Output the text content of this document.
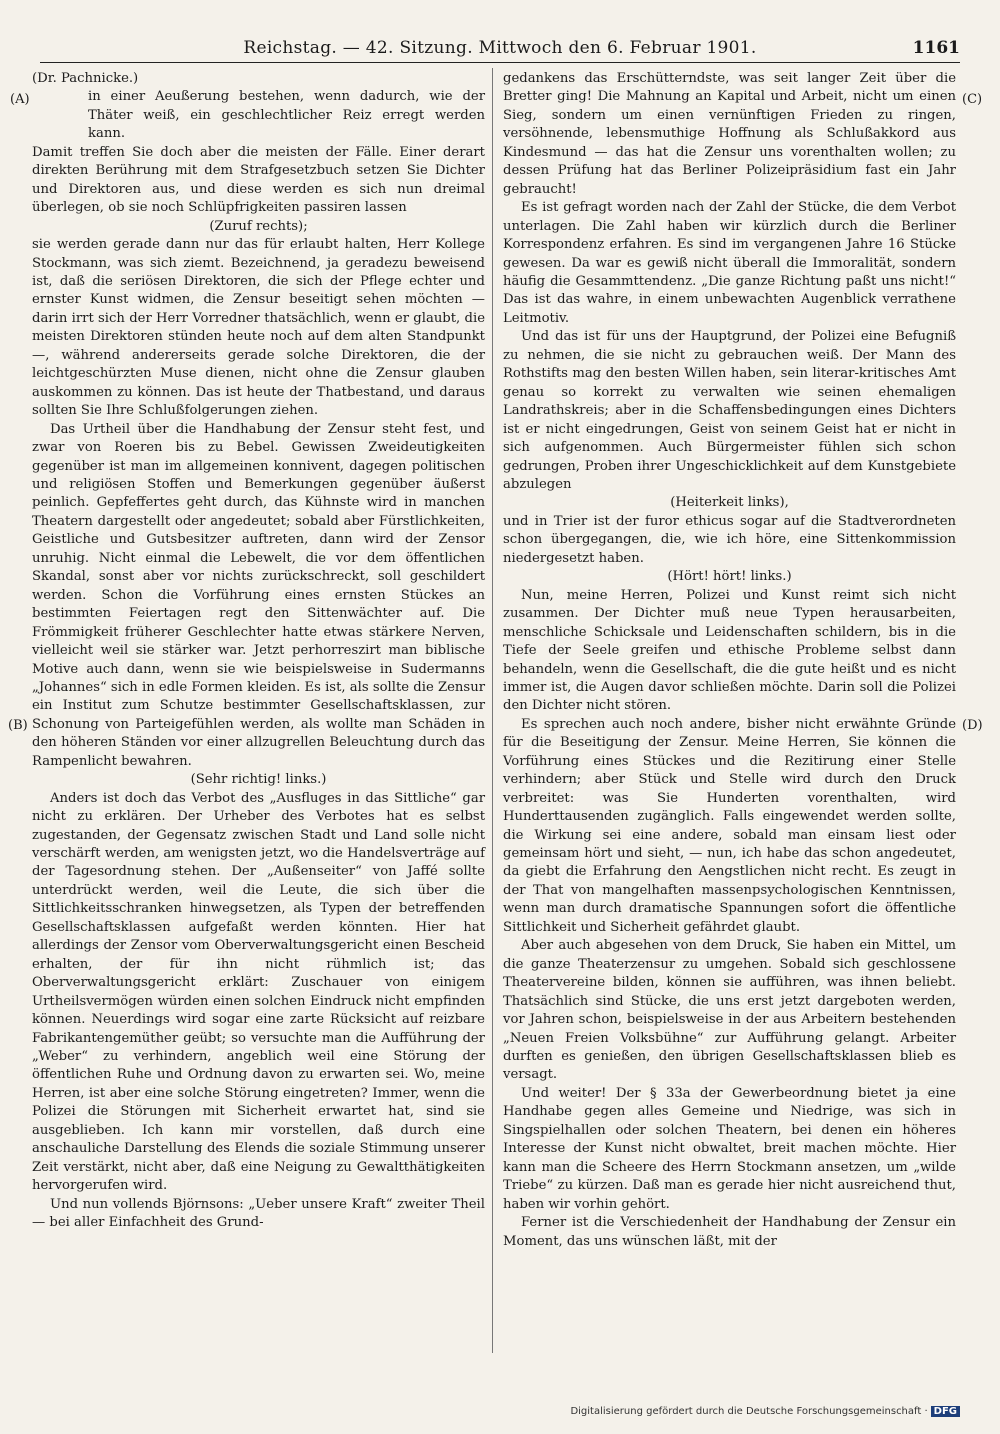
Reichstag. — 42. Sitzung. Mittwoch den 6. Februar 1901.	1161
(A)
(B)
(C)
(D)

(Dr. Pachnicke.)

in einer Aeußerung bestehen, wenn dadurch, wie der Thäter weiß, ein geschlechtlicher Reiz erregt werden kann.

Damit treffen Sie doch aber die meisten der Fälle. Einer derart direkten Berührung mit dem Strafgesetzbuch setzen Sie Dichter und Direktoren aus, und diese werden es sich nun dreimal überlegen, ob sie noch Schlüpfrigkeiten passiren lassen

(Zuruf rechts);

sie werden gerade dann nur das für erlaubt halten, Herr Kollege Stockmann, was sich ziemt. Bezeichnend, ja geradezu beweisend ist, daß die seriösen Direktoren, die sich der Pflege echter und ernster Kunst widmen, die Zensur beseitigt sehen möchten — darin irrt sich der Herr Vorredner thatsächlich, wenn er glaubt, die meisten Direktoren stünden heute noch auf dem alten Standpunkt —, während andererseits gerade solche Direktoren, die der leichtgeschürzten Muse dienen, nicht ohne die Zensur glauben auskommen zu können. Das ist heute der Thatbestand, und daraus sollten Sie Ihre Schlußfolgerungen ziehen.

Das Urtheil über die Handhabung der Zensur steht fest, und zwar von Roeren bis zu Bebel. Gewissen Zweideutigkeiten gegenüber ist man im allgemeinen konnivent, dagegen politischen und religiösen Stoffen und Bemerkungen gegenüber äußerst peinlich. Gepfeffertes geht durch, das Kühnste wird in manchen Theatern dargestellt oder angedeutet; sobald aber Fürstlichkeiten, Geistliche und Gutsbesitzer auftreten, dann wird der Zensor unruhig. Nicht einmal die Lebewelt, die vor dem öffentlichen Skandal, sonst aber vor nichts zurückschreckt, soll geschildert werden. Schon die Vorführung eines ernsten Stückes an bestimmten Feiertagen regt den Sittenwächter auf. Die Frömmigkeit früherer Geschlechter hatte etwas stärkere Nerven, vielleicht weil sie stärker war. Jetzt perhorreszirt man biblische Motive auch dann, wenn sie wie beispielsweise in Sudermanns „Johannes“ sich in edle Formen kleiden. Es ist, als sollte die Zensur ein Institut zum Schutze bestimmter Gesellschaftsklassen, zur Schonung von Parteigefühlen werden, als wollte man Schäden in den höheren Ständen vor einer allzugrellen Beleuchtung durch das Rampenlicht bewahren.

(Sehr richtig! links.)

Anders ist doch das Verbot des „Ausfluges in das Sittliche“ gar nicht zu erklären. Der Urheber des Verbotes hat es selbst zugestanden, der Gegensatz zwischen Stadt und Land solle nicht verschärft werden, am wenigsten jetzt, wo die Handelsverträge auf der Tagesordnung stehen. Der „Außenseiter“ von Jaffé sollte unterdrückt werden, weil die Leute, die sich über die Sittlichkeitsschranken hinwegsetzen, als Typen der betreffenden Gesellschaftsklassen aufgefaßt werden könnten. Hier hat allerdings der Zensor vom Oberverwaltungsgericht einen Bescheid erhalten, der für ihn nicht rühmlich ist; das Oberverwaltungsgericht erklärt: Zuschauer von einigem Urtheilsvermögen würden einen solchen Eindruck nicht empfinden können. Neuerdings wird sogar eine zarte Rücksicht auf reizbare Fabrikantengemüther geübt; so versuchte man die Aufführung der „Weber“ zu verhindern, angeblich weil eine Störung der öffentlichen Ruhe und Ordnung davon zu erwarten sei. Wo, meine Herren, ist aber eine solche Störung eingetreten? Immer, wenn die Polizei die Störungen mit Sicherheit erwartet hat, sind sie ausgeblieben. Ich kann mir vorstellen, daß durch eine anschauliche Darstellung des Elends die soziale Stimmung unserer Zeit verstärkt, nicht aber, daß eine Neigung zu Gewaltthätigkeiten hervorgerufen wird.

Und nun vollends Björnsons: „Ueber unsere Kraft“ zweiter Theil — bei aller Einfachheit des Grund-

gedankens das Erschütterndste, was seit langer Zeit über die Bretter ging! Die Mahnung an Kapital und Arbeit, nicht um einen Sieg, sondern um einen vernünftigen Frieden zu ringen, versöhnende, lebensmuthige Hoffnung als Schlußakkord aus Kindesmund — das hat die Zensur uns vorenthalten wollen; zu dessen Prüfung hat das Berliner Polizeipräsidium fast ein Jahr gebraucht!

Es ist gefragt worden nach der Zahl der Stücke, die dem Verbot unterlagen. Die Zahl haben wir kürzlich durch die Berliner Korrespondenz erfahren. Es sind im vergangenen Jahre 16 Stücke gewesen. Da war es gewiß nicht überall die Immoralität, sondern häufig die Gesammttendenz. „Die ganze Richtung paßt uns nicht!“ Das ist das wahre, in einem unbewachten Augenblick verrathene Leitmotiv.

Und das ist für uns der Hauptgrund, der Polizei eine Befugniß zu nehmen, die sie nicht zu gebrauchen weiß. Der Mann des Rothstifts mag den besten Willen haben, sein literar-kritisches Amt genau so korrekt zu verwalten wie seinen ehemaligen Landrathskreis; aber in die Schaffensbedingungen eines Dichters ist er nicht eingedrungen, Geist von seinem Geist hat er nicht in sich aufgenommen. Auch Bürgermeister fühlen sich schon gedrungen, Proben ihrer Ungeschicklichkeit auf dem Kunstgebiete abzulegen

(Heiterkeit links),

und in Trier ist der furor ethicus sogar auf die Stadtverordneten schon übergegangen, die, wie ich höre, eine Sittenkommission niedergesetzt haben.

(Hört! hört! links.)

Nun, meine Herren, Polizei und Kunst reimt sich nicht zusammen. Der Dichter muß neue Typen herausarbeiten, menschliche Schicksale und Leidenschaften schildern, bis in die Tiefe der Seele greifen und ethische Probleme selbst dann behandeln, wenn die Gesellschaft, die die gute heißt und es nicht immer ist, die Augen davor schließen möchte. Darin soll die Polizei den Dichter nicht stören.

Es sprechen auch noch andere, bisher nicht erwähnte Gründe für die Beseitigung der Zensur. Meine Herren, Sie können die Vorführung eines Stückes und die Rezitirung einer Stelle verhindern; aber Stück und Stelle wird durch den Druck verbreitet: was Sie Hunderten vorenthalten, wird Hunderttausenden zugänglich. Falls eingewendet werden sollte, die Wirkung sei eine andere, sobald man einsam liest oder gemeinsam hört und sieht, — nun, ich habe das schon angedeutet, da giebt die Erfahrung den Aengstlichen nicht recht. Es zeugt in der That von mangelhaften massenpsychologischen Kenntnissen, wenn man durch dramatische Spannungen sofort die öffentliche Sittlichkeit und Sicherheit gefährdet glaubt.

Aber auch abgesehen von dem Druck, Sie haben ein Mittel, um die ganze Theaterzensur zu umgehen. Sobald sich geschlossene Theatervereine bilden, können sie aufführen, was ihnen beliebt. Thatsächlich sind Stücke, die uns erst jetzt dargeboten werden, vor Jahren schon, beispielsweise in der aus Arbeitern bestehenden „Neuen Freien Volksbühne“ zur Aufführung gelangt. Arbeiter durften es genießen, den übrigen Gesellschaftsklassen blieb es versagt.

Und weiter! Der § 33a der Gewerbeordnung bietet ja eine Handhabe gegen alles Gemeine und Niedrige, was sich in Singspielhallen oder solchen Theatern, bei denen ein höheres Interesse der Kunst nicht obwaltet, breit machen möchte. Hier kann man die Scheere des Herrn Stockmann ansetzen, um „wilde Triebe“ zu kürzen. Daß man es gerade hier nicht ausreichend thut, haben wir vorhin gehört.

Ferner ist die Verschiedenheit der Handhabung der Zensur ein Moment, das uns wünschen läßt, mit der

Digitalisierung gefördert durch die Deutsche Forschungsgemeinschaft · DFG
